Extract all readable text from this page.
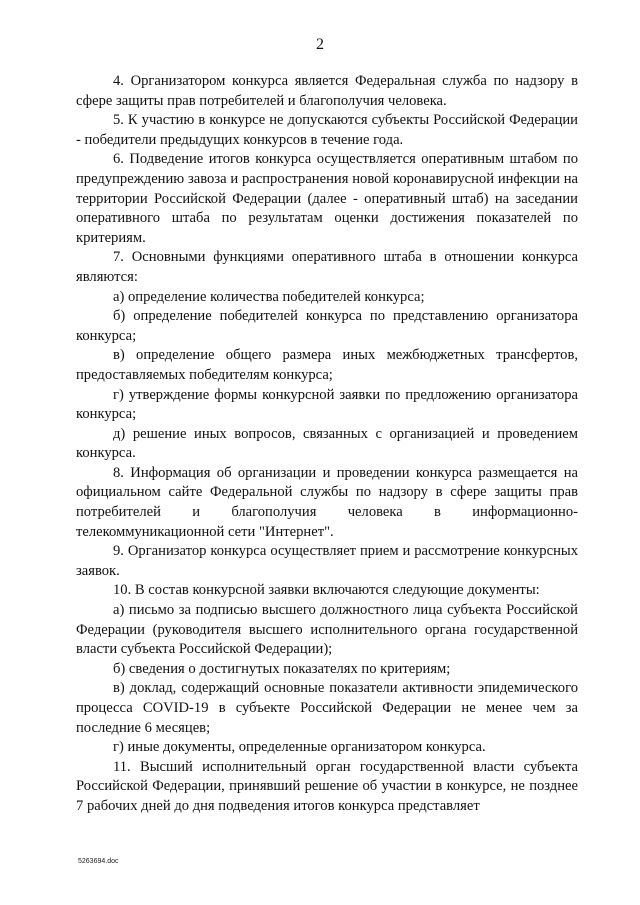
2

4. Организатором конкурса является Федеральная служба по надзору в сфере защиты прав потребителей и благополучия человека.

5. К участию в конкурсе не допускаются субъекты Российской Федерации - победители предыдущих конкурсов в течение года.

6. Подведение итогов конкурса осуществляется оперативным штабом по предупреждению завоза и распространения новой коронавирусной инфекции на территории Российской Федерации (далее - оперативный штаб) на заседании оперативного штаба по результатам оценки достижения показателей по критериям.

7. Основными функциями оперативного штаба в отношении конкурса являются:

а) определение количества победителей конкурса;

б) определение победителей конкурса по представлению организатора конкурса;

в) определение общего размера иных межбюджетных трансфертов, предоставляемых победителям конкурса;

г) утверждение формы конкурсной заявки по предложению организатора конкурса;

д) решение иных вопросов, связанных с организацией и проведением конкурса.

8. Информация об организации и проведении конкурса размещается на официальном сайте Федеральной службы по надзору в сфере защиты прав потребителей и благополучия человека в информационно-телекоммуникационной сети "Интернет".

9. Организатор конкурса осуществляет прием и рассмотрение конкурсных заявок.

10. В состав конкурсной заявки включаются следующие документы:

а) письмо за подписью высшего должностного лица субъекта Российской Федерации (руководителя высшего исполнительного органа государственной власти субъекта Российской Федерации);

б) сведения о достигнутых показателях по критериям;

в) доклад, содержащий основные показатели активности эпидемического процесса COVID-19 в субъекте Российской Федерации не менее чем за последние 6 месяцев;

г) иные документы, определенные организатором конкурса.

11. Высший исполнительный орган государственной власти субъекта Российской Федерации, принявший решение об участии в конкурсе, не позднее 7 рабочих дней до дня подведения итогов конкурса представляет

5263694.doc
